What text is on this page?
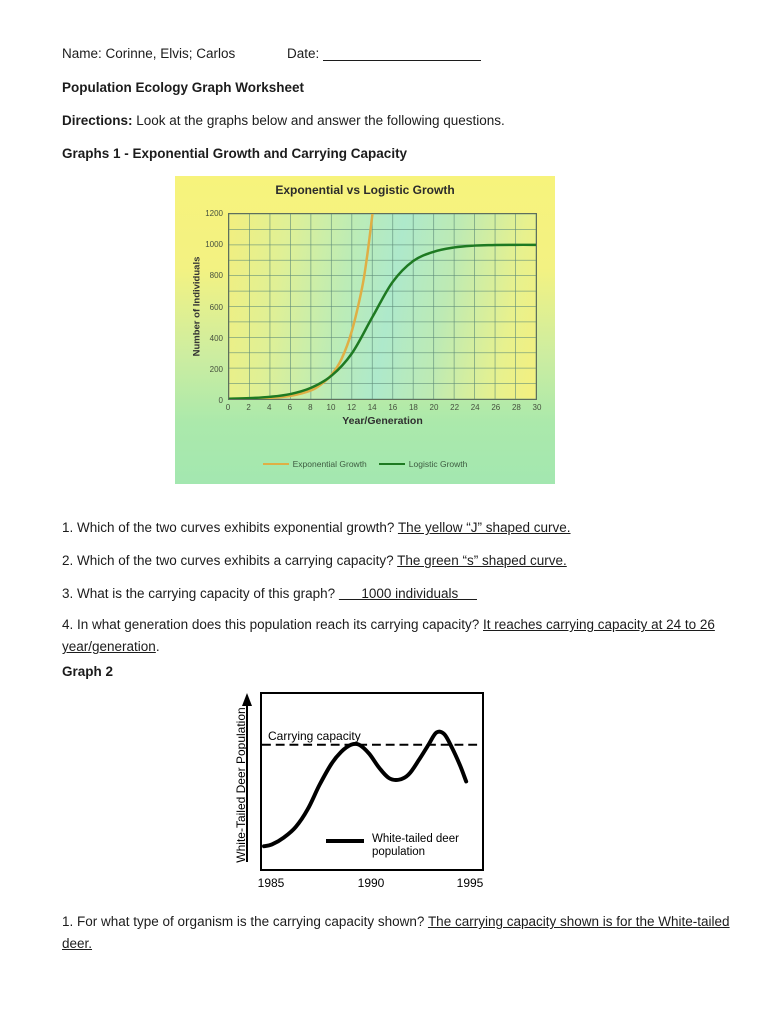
Name: Corinne, Elvis; Carlos	Date:
Population Ecology Graph Worksheet
Directions: Look at the graphs below and answer the following questions.
Graphs 1 - Exponential Growth and Carrying Capacity
Exponential vs Logistic Growth
Number of Individuals
0
200
400
600
800
1000
1200
0 2 4 6 8 10 12 14 16 18 20 22 24 26 28 30
Year/Generation
Exponential Growth	Logistic Growth
1. Which of the two curves exhibits exponential growth? The yellow “J” shaped curve.
2. Which of the two curves exhibits a carrying capacity? The green “s” shaped curve.
3. What is the carrying capacity of this graph?       1000 individuals
4. In what generation does this population reach its carrying capacity? It reaches carrying capacity at 24 to 26 year/generation.
Graph 2
White-Tailed Deer Population Carrying capacity
White-tailed deer
population
1985	1990	1995
1. For what type of organism is the carrying capacity shown? The carrying capacity shown is for the White-tailed deer.
